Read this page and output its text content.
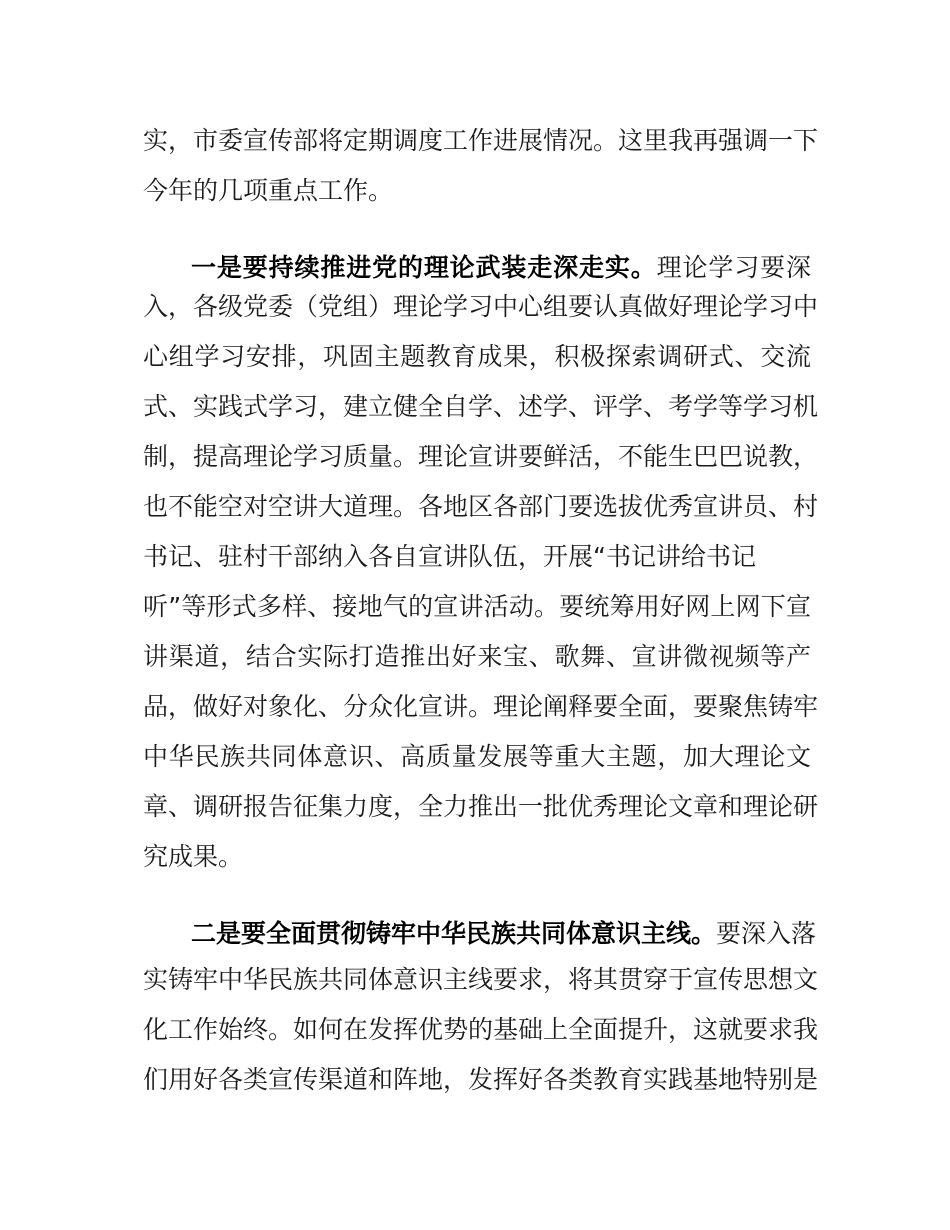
实，市委宣传部将定期调度工作进展情况。这里我再强调一下
今年的几项重点工作。
一是要持续推进党的理论武装走深走实。理论学习要深
入，各级党委（党组）理论学习中心组要认真做好理论学习中
心组学习安排，巩固主题教育成果，积极探索调研式、交流
式、实践式学习，建立健全自学、述学、评学、考学等学习机
制，提高理论学习质量。理论宣讲要鲜活，不能生巴巴说教，
也不能空对空讲大道理。各地区各部门要选拔优秀宣讲员、村
书记、驻村干部纳入各自宣讲队伍，开展“书记讲给书记
听”等形式多样、接地气的宣讲活动。要统筹用好网上网下宣
讲渠道，结合实际打造推出好来宝、歌舞、宣讲微视频等产
品，做好对象化、分众化宣讲。理论阐释要全面，要聚焦铸牢
中华民族共同体意识、高质量发展等重大主题，加大理论文
章、调研报告征集力度，全力推出一批优秀理论文章和理论研
究成果。
二是要全面贯彻铸牢中华民族共同体意识主线。要深入落
实铸牢中华民族共同体意识主线要求，将其贯穿于宣传思想文
化工作始终。如何在发挥优势的基础上全面提升，这就要求我
们用好各类宣传渠道和阵地，发挥好各类教育实践基地特别是
